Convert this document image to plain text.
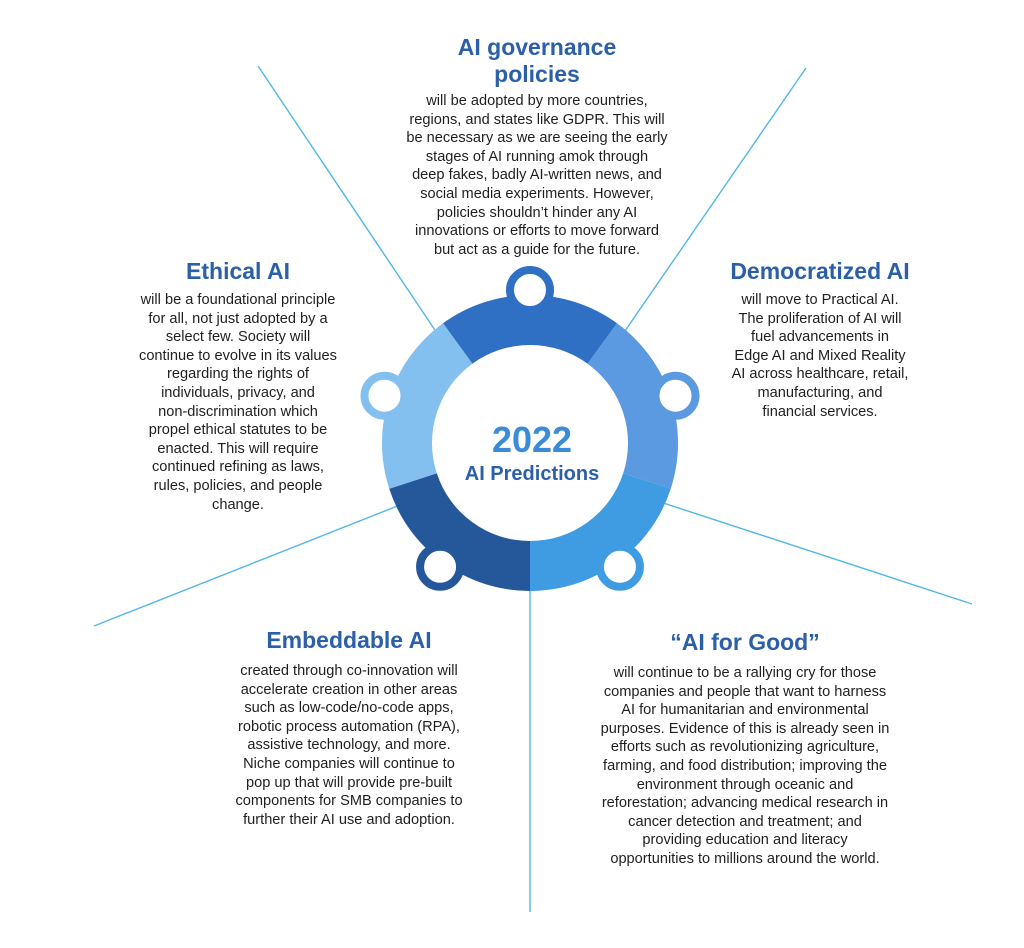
2022
AI Predictions
AI governance
policies
will be adopted by more countries,
regions, and states like GDPR. This will
be necessary as we are seeing the early
stages of AI running amok through
deep fakes, badly AI-written news, and
social media experiments. However,
policies shouldn’t hinder any AI
innovations or efforts to move forward
but act as a guide for the future.
Ethical AI
will be a foundational principle
for all, not just adopted by a
select few. Society will
continue to evolve in its values
regarding the rights of
individuals, privacy, and
non-discrimination which
propel ethical statutes to be
enacted. This will require
continued refining as laws,
rules, policies, and people
change.
Democratized AI
will move to Practical AI.
The proliferation of AI will
fuel advancements in
Edge AI and Mixed Reality
AI across healthcare, retail,
manufacturing, and
financial services.
Embeddable AI
created through co-innovation will
accelerate creation in other areas
such as low-code/no-code apps,
robotic process automation (RPA),
assistive technology, and more.
Niche companies will continue to
pop up that will provide pre-built
components for SMB companies to
further their AI use and adoption.
“AI for Good”
will continue to be a rallying cry for those
companies and people that want to harness
AI for humanitarian and environmental
purposes. Evidence of this is already seen in
efforts such as revolutionizing agriculture,
farming, and food distribution; improving the
environment through oceanic and
reforestation; advancing medical research in
cancer detection and treatment; and
providing education and literacy
opportunities to millions around the world.
